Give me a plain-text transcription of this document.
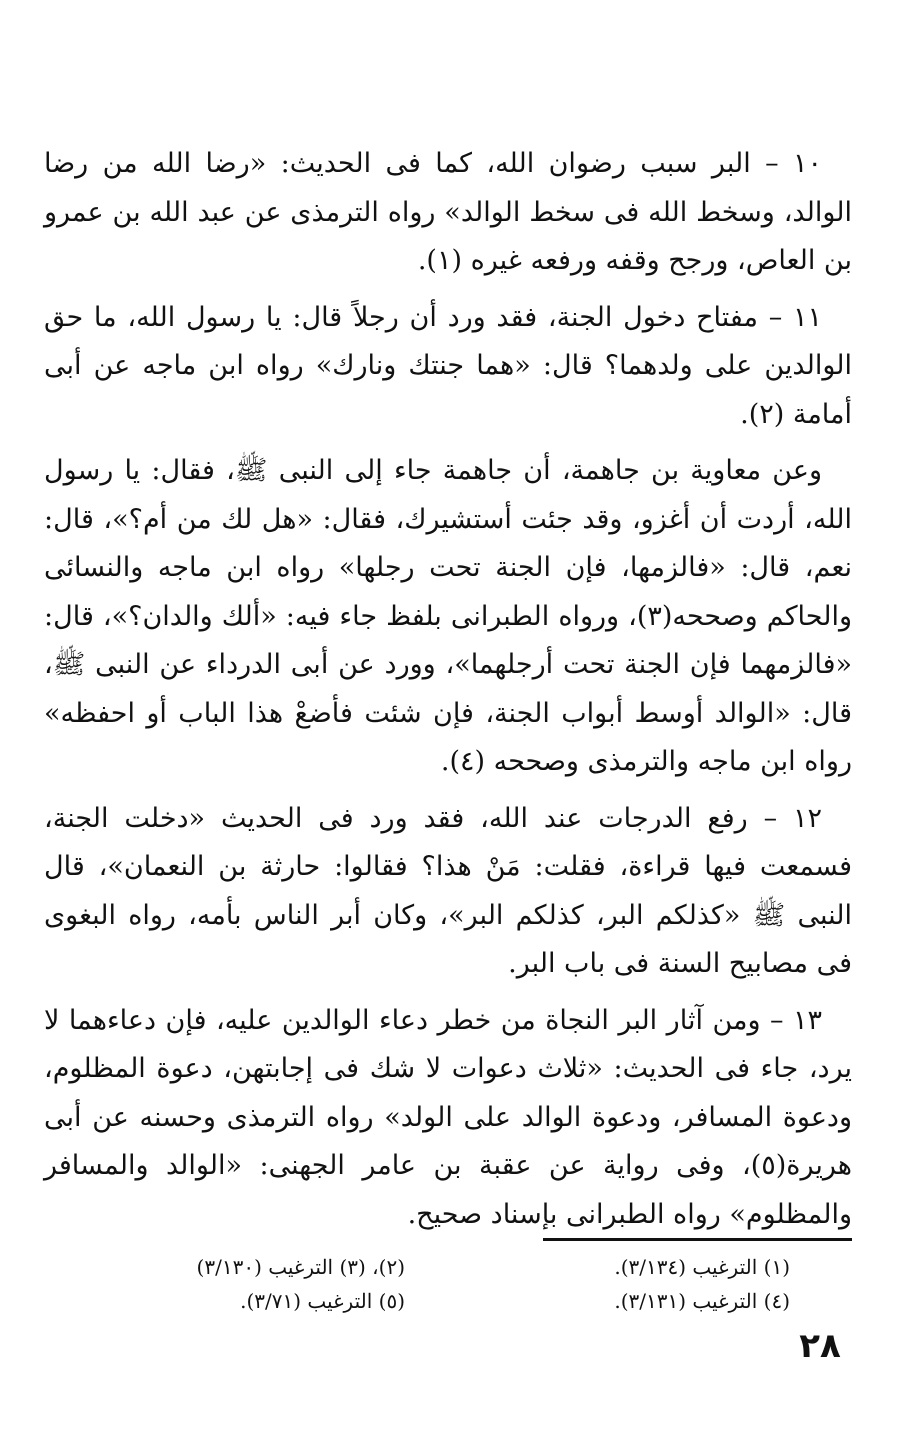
١٠ – البر سبب رضوان الله، كما فى الحديث: «رضا الله من رضا الوالد، وسخط الله فى سخط الوالد» رواه الترمذى عن عبد الله بن عمرو بن العاص، ورجح وقفه ورفعه غيره (١).

١١ – مفتاح دخول الجنة، فقد ورد أن رجلاً قال: يا رسول الله، ما حق الوالدين على ولدهما؟ قال: «هما جنتك ونارك» رواه ابن ماجه عن أبى أمامة (٢).

وعن معاوية بن جاهمة، أن جاهمة جاء إلى النبى ﷺ، فقال: يا رسول الله، أردت أن أغزو، وقد جئت أستشيرك، فقال: «هل لك من أم؟»، قال: نعم، قال: «فالزمها، فإن الجنة تحت رجلها» رواه ابن ماجه والنسائى والحاكم وصححه(٣)، ورواه الطبرانى بلفظ جاء فيه: «ألك والدان؟»، قال: «فالزمهما فإن الجنة تحت أرجلهما»، وورد عن أبى الدرداء عن النبى ﷺ، قال: «الوالد أوسط أبواب الجنة، فإن شئت فأضعْ هذا الباب أو احفظه» رواه ابن ماجه والترمذى وصححه (٤).

١٢ – رفع الدرجات عند الله، فقد ورد فى الحديث «دخلت الجنة، فسمعت فيها قراءة، فقلت: مَنْ هذا؟ فقالوا: حارثة بن النعمان»، قال النبى ﷺ «كذلكم البر، كذلكم البر»، وكان أبر الناس بأمه، رواه البغوى فى مصابيح السنة فى باب البر.

١٣ – ومن آثار البر النجاة من خطر دعاء الوالدين عليه، فإن دعاءهما لا يرد، جاء فى الحديث: «ثلاث دعوات لا شك فى إجابتهن، دعوة المظلوم، ودعوة المسافر، ودعوة الوالد على الولد» رواه الترمذى وحسنه عن أبى هريرة(٥)، وفى رواية عن عقبة بن عامر الجهنى: «الوالد والمسافر والمظلوم» رواه الطبرانى بإسناد صحيح.

(١) الترغيب (٣/١٣٤).
(٢)، (٣) الترغيب (٣/١٣٠)
(٤) الترغيب (٣/١٣١).
(٥) الترغيب (٣/٧١).
٢٨
